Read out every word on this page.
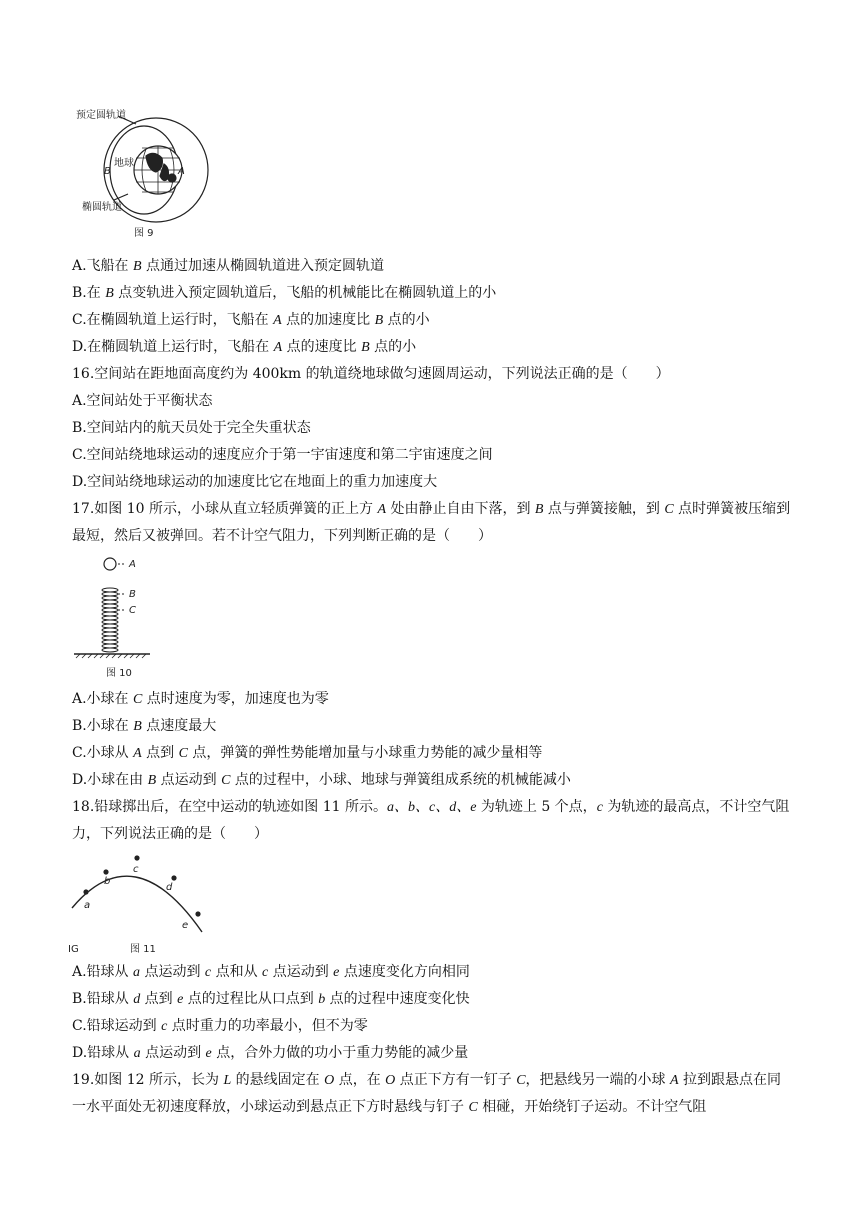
预定圆轨道
地球
B	A
椭圆轨道
图 9
A.飞船在 B 点通过加速从椭圆轨道进入预定圆轨道
B.在 B 点变轨进入预定圆轨道后，飞船的机械能比在椭圆轨道上的小
C.在椭圆轨道上运行时，飞船在 A 点的加速度比 B 点的小
D.在椭圆轨道上运行时，飞船在 A 点的速度比 B 点的小
16.空间站在距地面高度约为 400km 的轨道绕地球做匀速圆周运动，下列说法正确的是（　　）
A.空间站处于平衡状态
B.空间站内的航天员处于完全失重状态
C.空间站绕地球运动的速度应介于第一宇宙速度和第二宇宙速度之间
D.空间站绕地球运动的加速度比它在地面上的重力加速度大
17.如图 10 所示，小球从直立轻质弹簧的正上方 A 处由静止自由下落，到 B 点与弹簧接触，到 C 点时弹簧被压缩到最短，然后又被弹回。若不计空气阻力，下列判断正确的是（　　）
A
B
C
图 10
A.小球在 C 点时速度为零，加速度也为零
B.小球在 B 点速度最大
C.小球从 A 点到 C 点，弹簧的弹性势能增加量与小球重力势能的减少量相等
D.小球在由 B 点运动到 C 点的过程中，小球、地球与弹簧组成系统的机械能减小
18.铅球掷出后，在空中运动的轨迹如图 11 所示。a、b、c、d、e 为轨迹上 5 个点，c 为轨迹的最高点，不计空气阻力，下列说法正确的是（　　）
a
b
c
d
e
IG	图 11
A.铅球从 a 点运动到 c 点和从 c 点运动到 e 点速度变化方向相同
B.铅球从 d 点到 e 点的过程比从口点到 b 点的过程中速度变化快
C.铅球运动到 c 点时重力的功率最小，但不为零
D.铅球从 a 点运动到 e 点，合外力做的功小于重力势能的减少量
19.如图 12 所示，长为 L 的悬线固定在 O 点，在 O 点正下方有一钉子 C，把悬线另一端的小球 A 拉到跟悬点在同一水平面处无初速度释放，小球运动到悬点正下方时悬线与钉子 C 相碰，开始绕钉子运动。不计空气阻
